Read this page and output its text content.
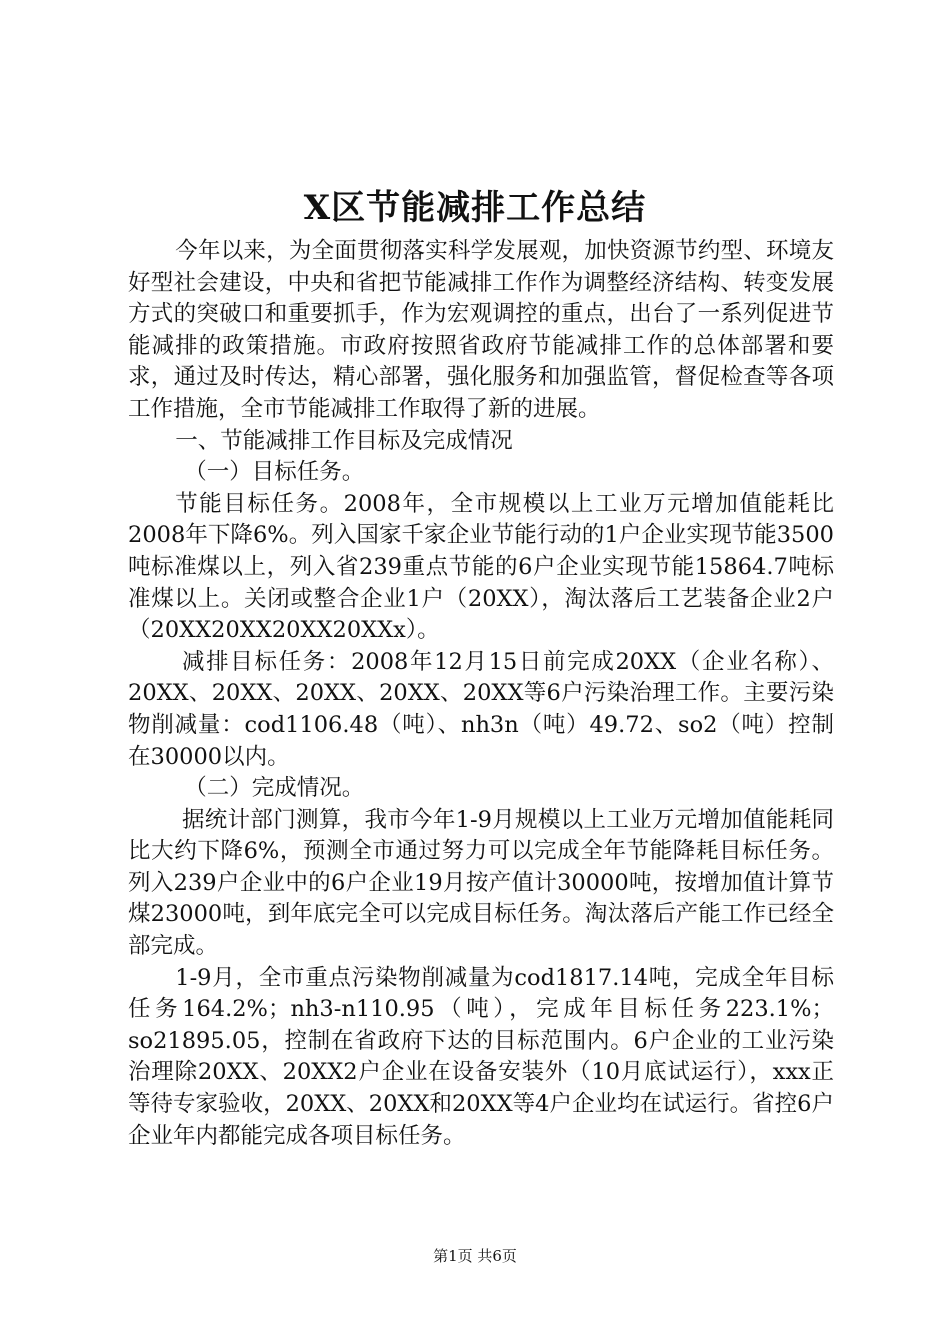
X区节能减排工作总结

今年以来，为全面贯彻落实科学发展观，加快资源节约型、环境友好型社会建设，中央和省把节能减排工作作为调整经济结构、转变发展方式的突破口和重要抓手，作为宏观调控的重点，出台了一系列促进节能减排的政策措施。市政府按照省政府节能减排工作的总体部署和要求，通过及时传达，精心部署，强化服务和加强监管，督促检查等各项工作措施，全市节能减排工作取得了新的进展。

一、节能减排工作目标及完成情况

（一）目标任务。

节能目标任务。2008年，全市规模以上工业万元增加值能耗比2008年下降6%。列入国家千家企业节能行动的1户企业实现节能3500吨标准煤以上，列入省239重点节能的6户企业实现节能15864.7吨标准煤以上。关闭或整合企业1户（20XX），淘汰落后工艺装备企业2户（20XX20XX20XX20XXx）。

减排目标任务：2008年12月15日前完成20XX（企业名称）、20XX、20XX、20XX、20XX、20XX等6户污染治理工作。主要污染物削减量：cod1106.48（吨）、nh3n（吨）49.72、so2（吨）控制在30000以内。

（二）完成情况。

据统计部门测算，我市今年1-9月规模以上工业万元增加值能耗同比大约下降6%，预测全市通过努力可以完成全年节能降耗目标任务。列入239户企业中的6户企业19月按产值计30000吨，按增加值计算节煤23000吨，到年底完全可以完成目标任务。淘汰落后产能工作已经全部完成。

1-9月，全市重点污染物削减量为cod1817.14吨，完成全年目标任务164.2%；nh3-n110.95（吨），完成年目标任务223.1%；so21895.05，控制在省政府下达的目标范围内。6户企业的工业污染治理除20XX、20XX2户企业在设备安装外（10月底试运行），xxx正等待专家验收，20XX、20XX和20XX等4户企业均在试运行。省控6户企业年内都能完成各项目标任务。

第1页 共6页
